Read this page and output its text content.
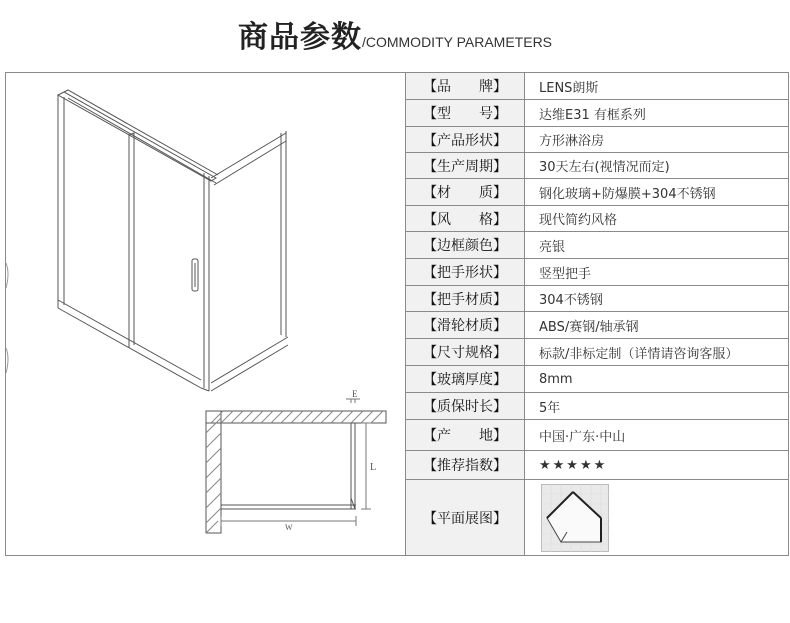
商品参数/COMMODITY PARAMETERS
E
L
W
【品　　牌】	LENS朗斯
【型　　号】	达维E31 有框系列
【产品形状】	方形淋浴房
【生产周期】	30天左右(视情况而定)
【材　　质】	钢化玻璃+防爆膜+304不锈钢
【风　　格】	现代简约风格
【边框颜色】	亮银
【把手形状】	竖型把手
【把手材质】	304不锈钢
【滑轮材质】	ABS/赛钢/轴承钢
【尺寸规格】	标款/非标定制（详情请咨询客服）
【玻璃厚度】	8mm
【质保时长】	5年
【产　　地】	中国·广东·中山
【推荐指数】	★★★★★
【平面展图】
